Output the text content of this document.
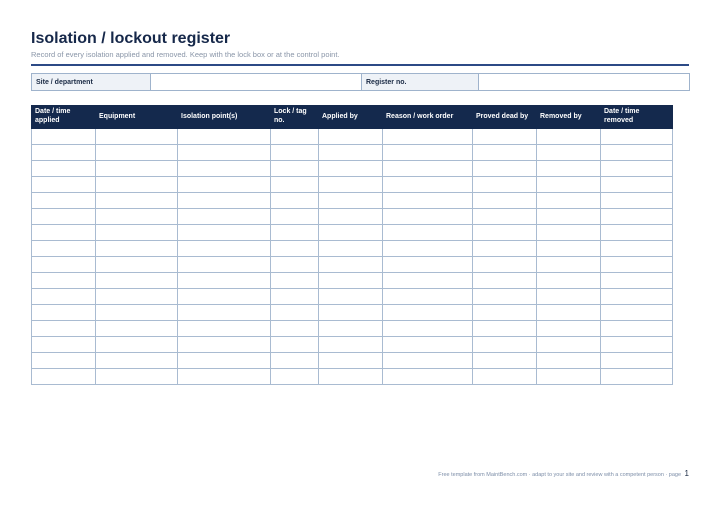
Isolation / lockout register
Record of every isolation applied and removed. Keep with the lock box or at the control point.
Site / department		Register no.	
Date / time applied	Equipment	Isolation point(s)	Lock / tag no.	Applied by	Reason / work order	Proved dead by	Removed by	Date / time removed

Free template from MaintBench.com · adapt to your site and review with a competent person · page 1
